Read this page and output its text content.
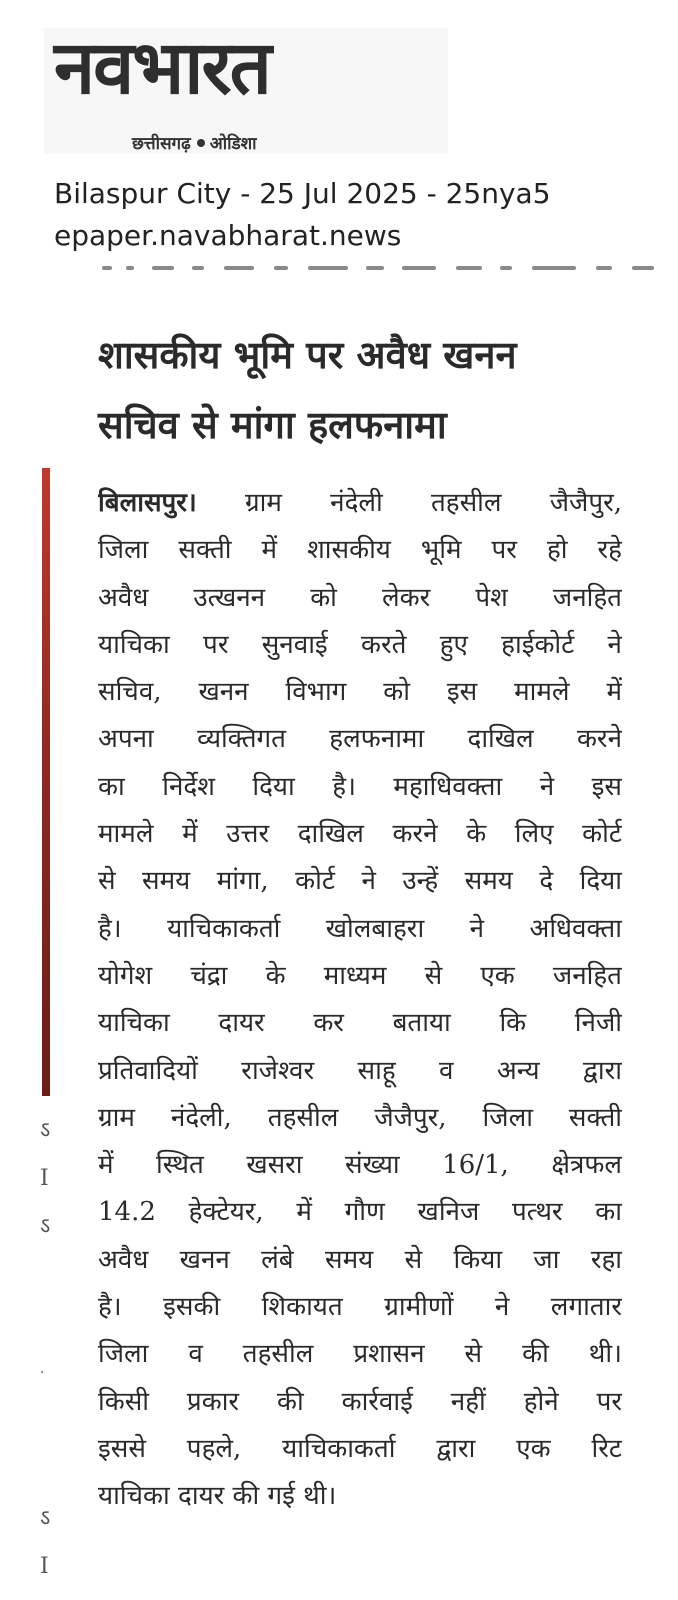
नवभारत
छत्तीसगढ़ ओडिशा
Bilaspur City - 25 Jul 2025 - 25nya5
epaper.navabharat.news
शासकीय भूमि पर अवैध खनन
सचिव से मांगा हलफनामा
ऽ
I
ऽ
·
ऽ
I
बिलासपुर। ग्राम नंदेली तहसील जैजैपुर,
जिला सक्ती में शासकीय भूमि पर हो रहे
अवैध उत्खनन को लेकर पेश जनहित
याचिका पर सुनवाई करते हुए हाईकोर्ट ने
सचिव, खनन विभाग को इस मामले में
अपना व्यक्तिगत हलफनामा दाखिल करने
का निर्देश दिया है। महाधिवक्ता ने इस
मामले में उत्तर दाखिल करने के लिए कोर्ट
से समय मांगा, कोर्ट ने उन्हें समय दे दिया
है। याचिकाकर्ता खोलबाहरा ने अधिवक्ता
योगेश चंद्रा के माध्यम से एक जनहित
याचिका दायर कर बताया कि निजी
प्रतिवादियों राजेश्वर साहू व अन्य द्वारा
ग्राम नंदेली, तहसील जैजैपुर, जिला सक्ती
में स्थित खसरा संख्या 16/1, क्षेत्रफल
14.2 हेक्टेयर, में गौण खनिज पत्थर का
अवैध खनन लंबे समय से किया जा रहा
है। इसकी शिकायत ग्रामीणों ने लगातार
जिला व तहसील प्रशासन से की थी।
किसी प्रकार की कार्रवाई नहीं होने पर
इससे पहले, याचिकाकर्ता द्वारा एक रिट
याचिका दायर की गई थी।
